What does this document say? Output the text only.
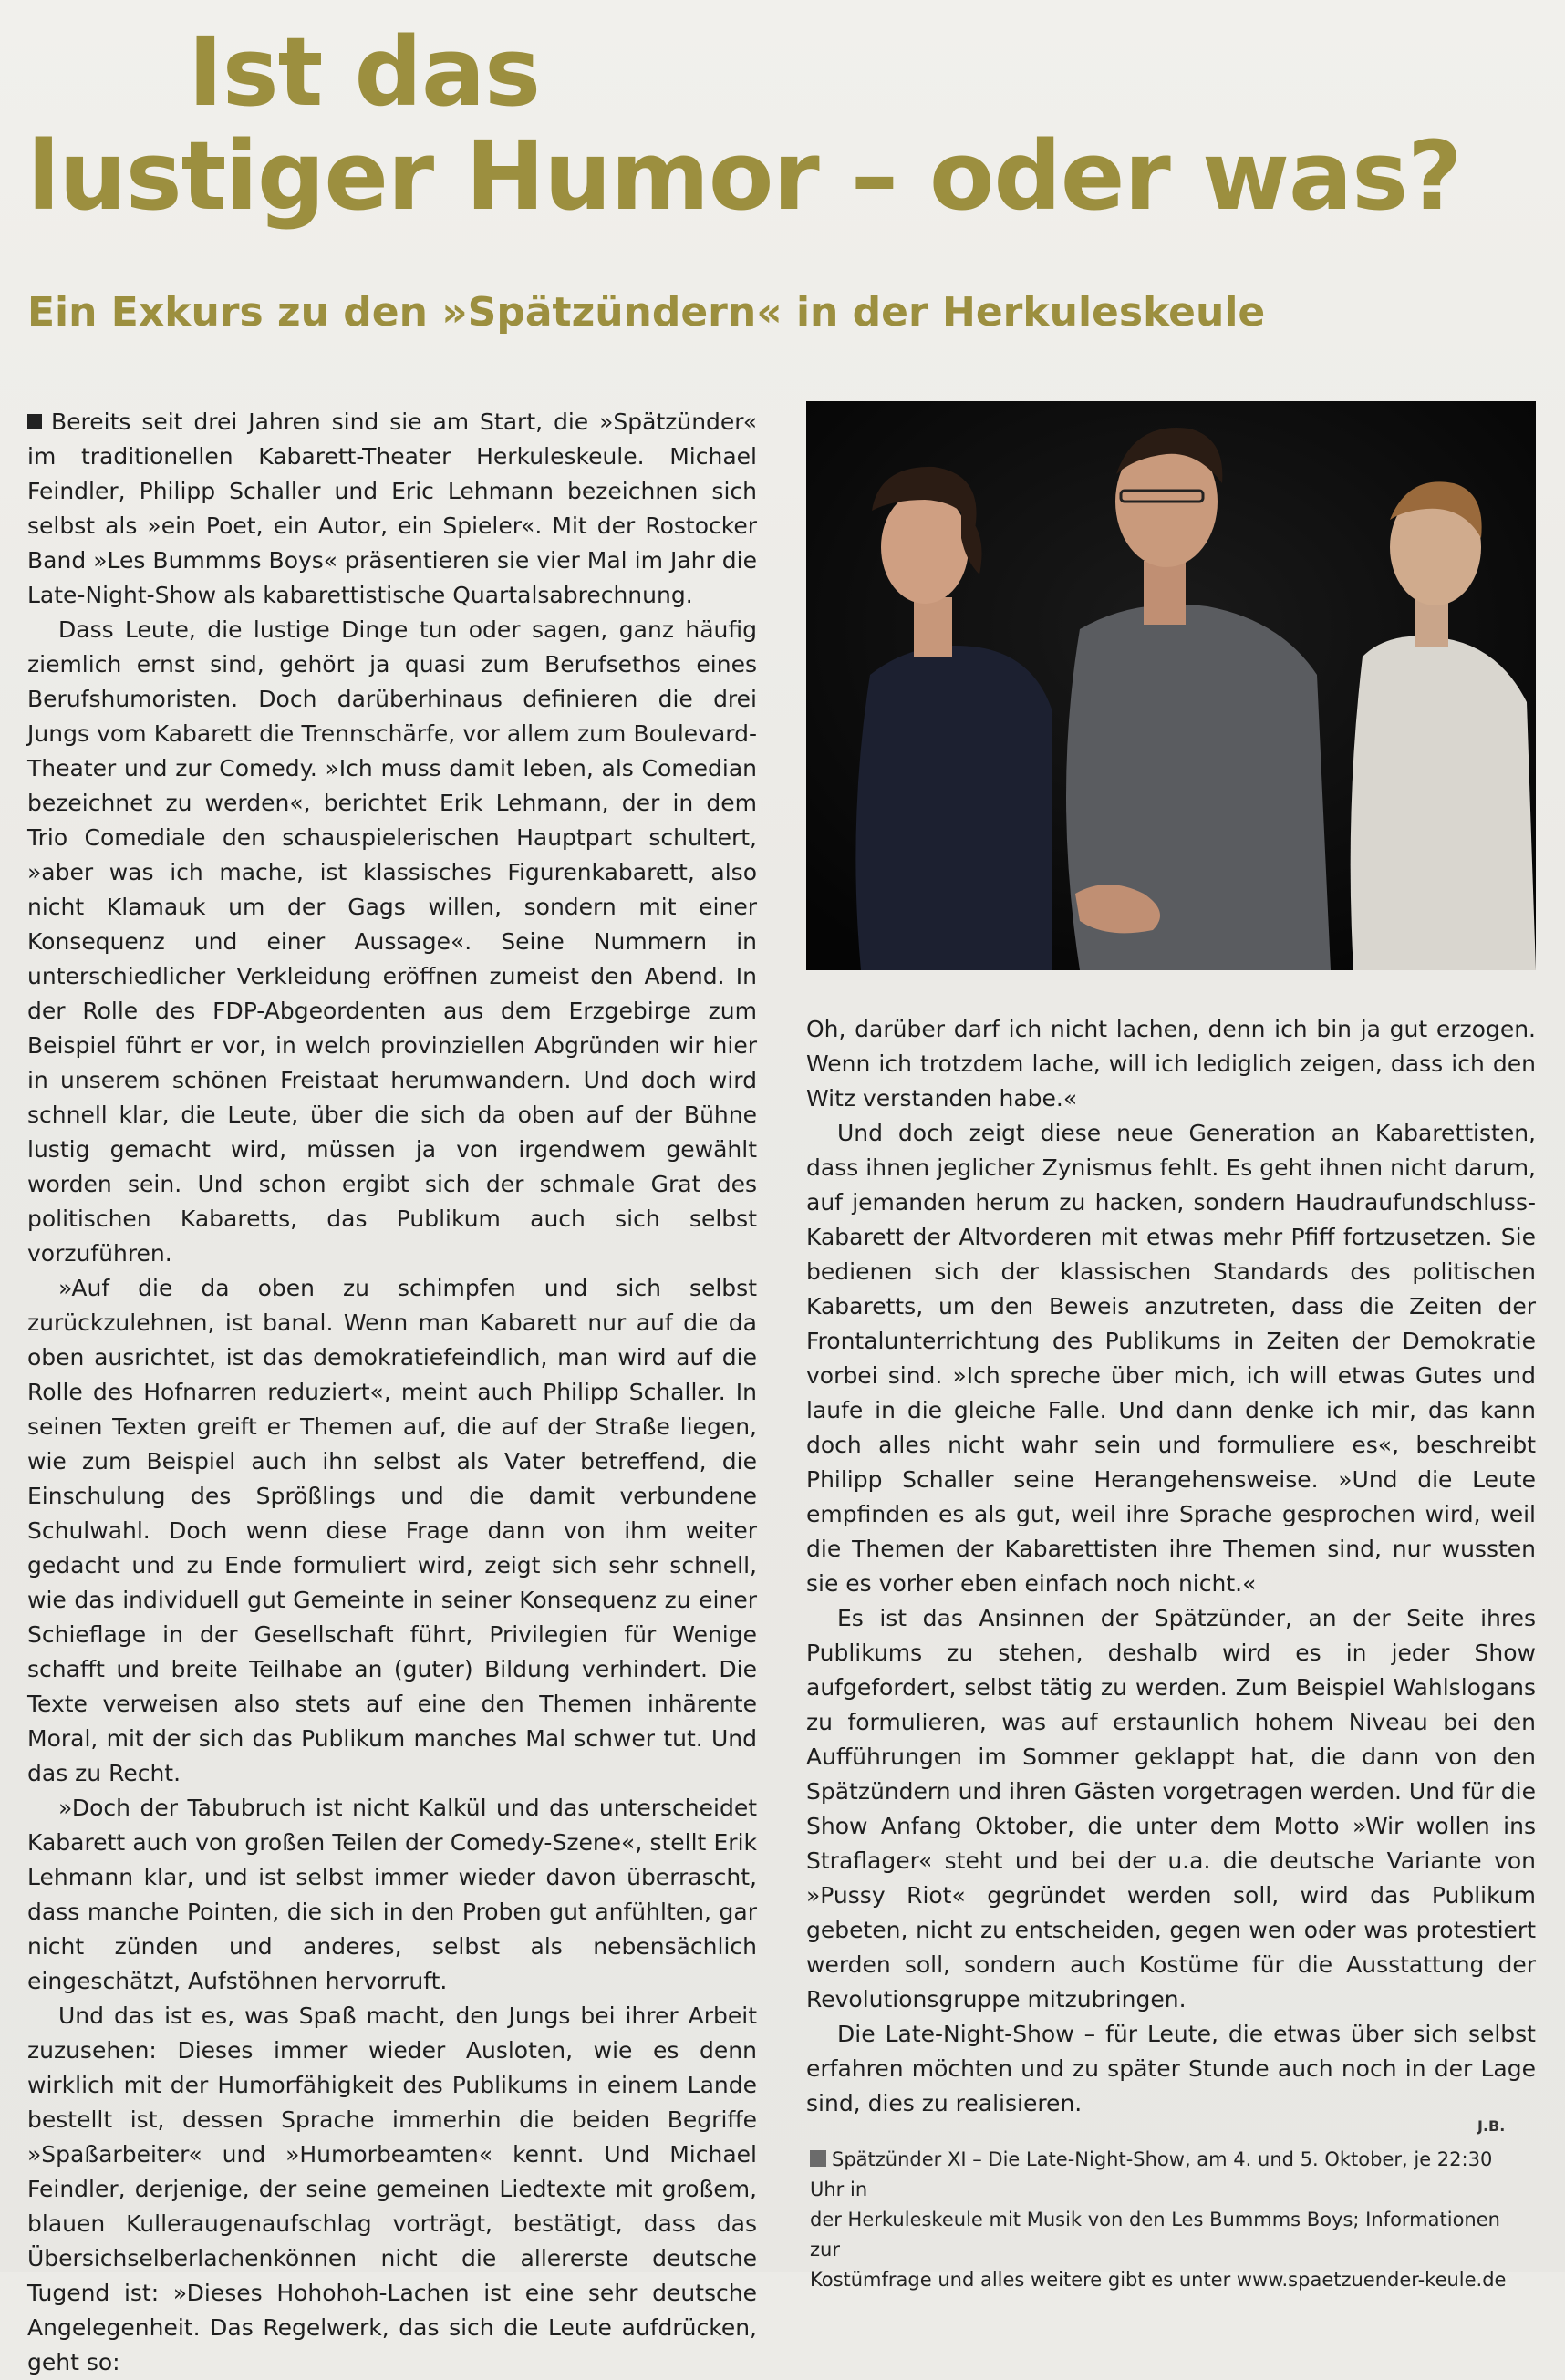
Ist das
lustiger Humor – oder was?
Ein Exkurs zu den »Spätzündern« in der Herkuleskeule

Bereits seit drei Jahren sind sie am Start, die »Spätzünder« im traditionellen Kabarett-Theater Herkuleskeule. Michael Feindler, Philipp Schaller und Eric Lehmann bezeichnen sich selbst als »ein Poet, ein Autor, ein Spieler«. Mit der Rostocker Band »Les Bummms Boys« präsentieren sie vier Mal im Jahr die Late-Night-Show als kabarettistische Quartalsabrechnung.

Dass Leute, die lustige Dinge tun oder sagen, ganz häufig ziemlich ernst sind, gehört ja quasi zum Berufsethos eines Berufshumoristen. Doch darüberhinaus definieren die drei Jungs vom Kabarett die Trennschärfe, vor allem zum Boulevard-Theater und zur Comedy. »Ich muss damit leben, als Comedian bezeichnet zu werden«, berichtet Erik Lehmann, der in dem Trio Comediale den schauspielerischen Hauptpart schultert, »aber was ich mache, ist klassisches Figurenkabarett, also nicht Klamauk um der Gags willen, sondern mit einer Konsequenz und einer Aussage«. Seine Nummern in unterschiedlicher Verkleidung eröffnen zumeist den Abend. In der Rolle des FDP-Abgeordenten aus dem Erzgebirge zum Beispiel führt er vor, in welch provinziellen Abgründen wir hier in unserem schönen Freistaat herumwandern. Und doch wird schnell klar, die Leute, über die sich da oben auf der Bühne lustig gemacht wird, müssen ja von irgendwem gewählt worden sein. Und schon ergibt sich der schmale Grat des politischen Kabaretts, das Publikum auch sich selbst vorzuführen.

»Auf die da oben zu schimpfen und sich selbst zurückzulehnen, ist banal. Wenn man Kabarett nur auf die da oben ausrichtet, ist das demokratiefeindlich, man wird auf die Rolle des Hofnarren reduziert«, meint auch Philipp Schaller. In seinen Texten greift er Themen auf, die auf der Straße liegen, wie zum Beispiel auch ihn selbst als Vater betreffend, die Einschulung des Sprößlings und die damit verbundene Schulwahl. Doch wenn diese Frage dann von ihm weiter gedacht und zu Ende formuliert wird, zeigt sich sehr schnell, wie das individuell gut Gemeinte in seiner Konsequenz zu einer Schieflage in der Gesellschaft führt, Privilegien für Wenige schafft und breite Teilhabe an (guter) Bildung verhindert. Die Texte verweisen also stets auf eine den Themen inhärente Moral, mit der sich das Publikum manches Mal schwer tut. Und das zu Recht.

»Doch der Tabubruch ist nicht Kalkül und das unterscheidet Kabarett auch von großen Teilen der Comedy-Szene«, stellt Erik Lehmann klar, und ist selbst immer wieder davon überrascht, dass manche Pointen, die sich in den Proben gut anfühlten, gar nicht zünden und anderes, selbst als nebensächlich eingeschätzt, Aufstöhnen hervorruft.

Und das ist es, was Spaß macht, den Jungs bei ihrer Arbeit zuzusehen: Dieses immer wieder Ausloten, wie es denn wirklich mit der Humorfähigkeit des Publikums in einem Lande bestellt ist, dessen Sprache immerhin die beiden Begriffe »Spaßarbeiter« und »Humorbeamten« kennt. Und Michael Feindler, derjenige, der seine gemeinen Liedtexte mit großem, blauen Kulleraugenaufschlag vorträgt, bestätigt, dass das Übersichselberlachenkönnen nicht die allererste deutsche Tugend ist: »Dieses Hohohoh-Lachen ist eine sehr deutsche Angelegenheit. Das Regelwerk, das sich die Leute aufdrücken, geht so:

Oh, darüber darf ich nicht lachen, denn ich bin ja gut erzogen. Wenn ich trotzdem lache, will ich lediglich zeigen, dass ich den Witz verstanden habe.«

Und doch zeigt diese neue Generation an Kabarettisten, dass ihnen jeglicher Zynismus fehlt. Es geht ihnen nicht darum, auf jemanden herum zu hacken, sondern Haudraufundschluss-Kabarett der Altvorderen mit etwas mehr Pfiff fortzusetzen. Sie bedienen sich der klassischen Standards des politischen Kabaretts, um den Beweis anzutreten, dass die Zeiten der Frontalunterrichtung des Publikums in Zeiten der Demokratie vorbei sind. »Ich spreche über mich, ich will etwas Gutes und laufe in die gleiche Falle. Und dann denke ich mir, das kann doch alles nicht wahr sein und formuliere es«, beschreibt Philipp Schaller seine Herangehensweise. »Und die Leute empfinden es als gut, weil ihre Sprache gesprochen wird, weil die Themen der Kabarettisten ihre Themen sind, nur wussten sie es vorher eben einfach noch nicht.«

Es ist das Ansinnen der Spätzünder, an der Seite ihres Publikums zu stehen, deshalb wird es in jeder Show aufgefordert, selbst tätig zu werden. Zum Beispiel Wahlslogans zu formulieren, was auf erstaunlich hohem Niveau bei den Aufführungen im Sommer geklappt hat, die dann von den Spätzündern und ihren Gästen vorgetragen werden. Und für die Show Anfang Oktober, die unter dem Motto »Wir wollen ins Straflager« steht und bei der u.a. die deutsche Variante von »Pussy Riot« gegründet werden soll, wird das Publikum gebeten, nicht zu entscheiden, gegen wen oder was protestiert werden soll, sondern auch Kostüme für die Ausstattung der Revolutionsgruppe mitzubringen.

Die Late-Night-Show – für Leute, die etwas über sich selbst erfahren möchten und zu später Stunde auch noch in der Lage sind, dies zu realisieren.

J.B.
Spätzünder XI – Die Late-Night-Show, am 4. und 5. Oktober, je 22:30 Uhr in
der Herkuleskeule mit Musik von den Les Bummms Boys; Informationen zur
Kostümfrage und alles weitere gibt es unter www.spaetzuender-keule.de
